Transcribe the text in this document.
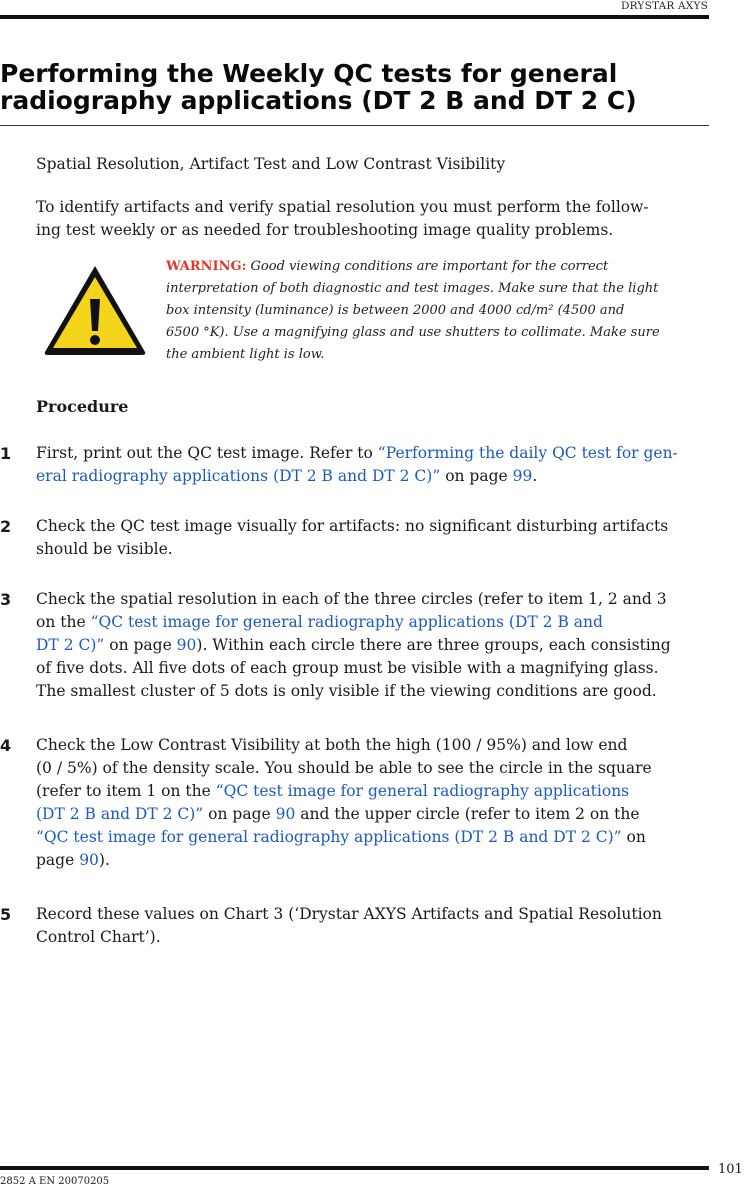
DRYSTAR AXYS
Performing the Weekly QC tests for general
radiography applications (DT 2 B and DT 2 C)
Spatial Resolution, Artifact Test and Low Contrast Visibility
To identify artifacts and verify spatial resolution you must perform the follow-
ing test weekly or as needed for troubleshooting image quality problems.
WARNING: Good viewing conditions are important for the correct
interpretation of both diagnostic and test images. Make sure that the light
box intensity (luminance) is between 2000 and 4000 cd/m² (4500 and
6500 °K). Use a magnifying glass and use shutters to collimate. Make sure
the ambient light is low.
Procedure
1 First, print out the QC test image. Refer to “Performing the daily QC test for gen-
eral radiography applications (DT 2 B and DT 2 C)” on page 99.
2 Check the QC test image visually for artifacts: no significant disturbing artifacts
should be visible.
3 Check the spatial resolution in each of the three circles (refer to item 1, 2 and 3
on the “QC test image for general radiography applications (DT 2 B and
DT 2 C)” on page 90). Within each circle there are three groups, each consisting
of five dots. All five dots of each group must be visible with a magnifying glass.
The smallest cluster of 5 dots is only visible if the viewing conditions are good.
4 Check the Low Contrast Visibility at both the high (100 / 95%) and low end
(0 / 5%) of the density scale. You should be able to see the circle in the square
(refer to item 1 on the “QC test image for general radiography applications
(DT 2 B and DT 2 C)” on page 90 and the upper circle (refer to item 2 on the
“QC test image for general radiography applications (DT 2 B and DT 2 C)” on
page 90).
5 Record these values on Chart 3 (‘Drystar AXYS Artifacts and Spatial Resolution
Control Chart’).
2852 A EN 20070205
101
